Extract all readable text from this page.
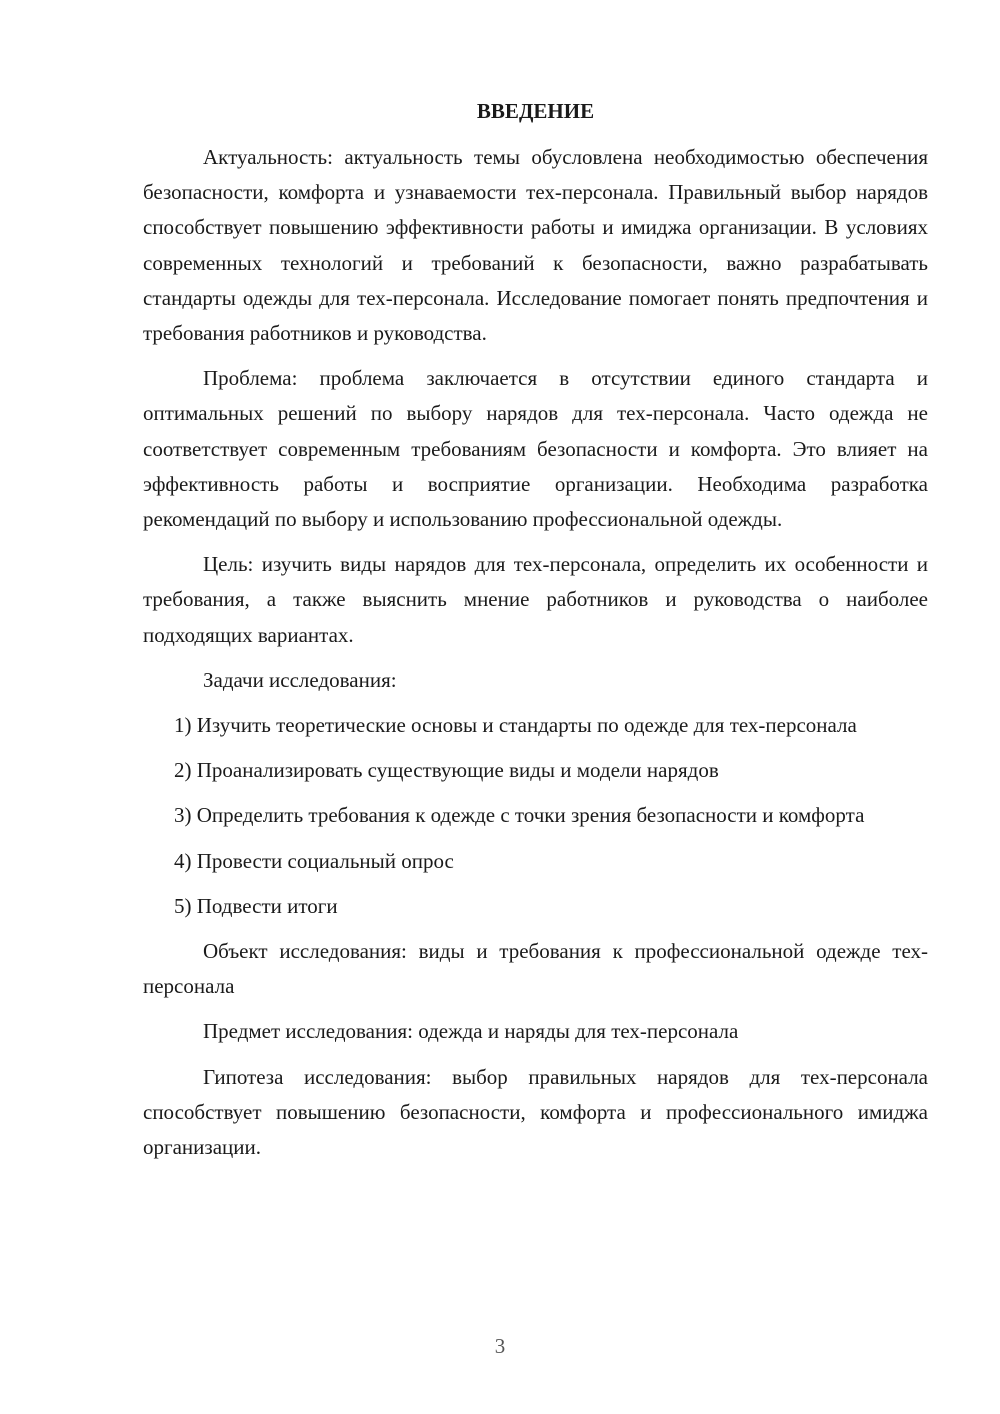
ВВЕДЕНИЕ

Актуальность: актуальность темы обусловлена необходимостью обеспечения безопасности, комфорта и узнаваемости тех-персонала. Правильный выбор нарядов способствует повышению эффективности работы и имиджа организации. В условиях современных технологий и требований к безопасности, важно разрабатывать стандарты одежды для тех-персонала. Исследование помогает понять предпочтения и требования работников и руководства.

Проблема: проблема заключается в отсутствии единого стандарта и оптимальных решений по выбору нарядов для тех-персонала. Часто одежда не соответствует современным требованиям безопасности и комфорта. Это влияет на эффективность работы и восприятие организации. Необходима разработка рекомендаций по выбору и использованию профессиональной одежды.

Цель: изучить виды нарядов для тех-персонала, определить их особенности и требования, а также выяснить мнение работников и руководства о наиболее подходящих вариантах.

Задачи исследования:

1) Изучить теоретические основы и стандарты по одежде для тех-персонала

2) Проанализировать существующие виды и модели нарядов

3) Определить требования к одежде с точки зрения безопасности и комфорта

4) Провести социальный опрос

5) Подвести итоги

Объект исследования: виды и требования к профессиональной одежде тех-персонала

Предмет исследования: одежда и наряды для тех-персонала

Гипотеза исследования: выбор правильных нарядов для тех-персонала способствует повышению безопасности, комфорта и профессионального имиджа организации.

3
